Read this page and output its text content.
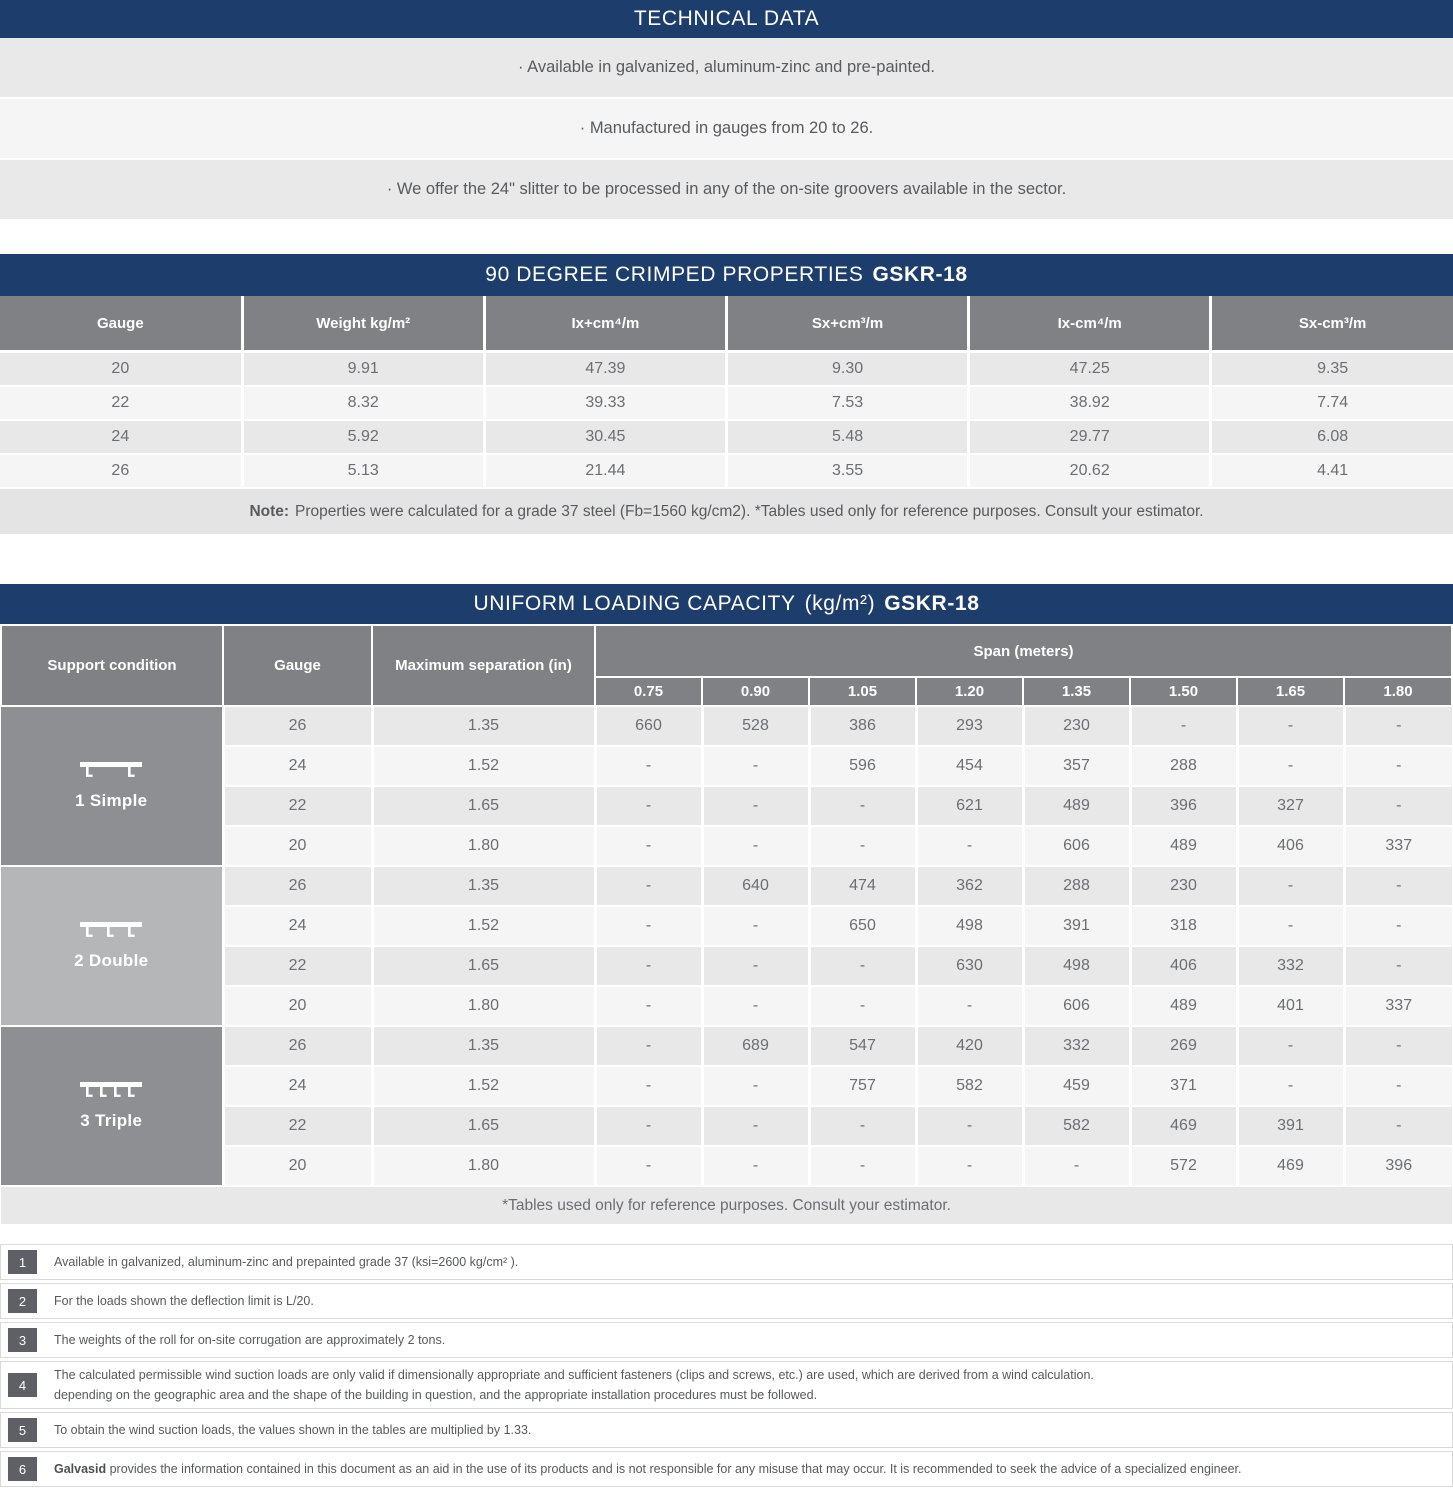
TECHNICAL DATA
· Available in galvanized, aluminum-zinc and pre-painted.
· Manufactured in gauges from 20 to 26.
· We offer the 24" slitter to be processed in any of the on-site groovers available in the sector.
90 DEGREE CRIMPED PROPERTIES GSKR-18
Gauge	Weight kg/m²	Ix+cm⁴/m	Sx+cm³/m	Ix-cm⁴/m	Sx-cm³/m
20	9.91	47.39	9.30	47.25	9.35
22	8.32	39.33	7.53	38.92	7.74
24	5.92	30.45	5.48	29.77	6.08
26	5.13	21.44	3.55	20.62	4.41
Note: Properties were calculated for a grade 37 steel (Fb=1560 kg/cm2). *Tables used only for reference purposes. Consult your estimator.
UNIFORM LOADING CAPACITY (kg/m²) GSKR-18
Support condition	Gauge	Maximum separation (in)	Span (meters)							
			0.75	0.90	1.05	1.20	1.35	1.50	1.65	1.80

1 Simple	26	1.35	660	528	386	293	230	-	-	-
	24	1.52	-	-	596	454	357	288	-	-
	22	1.65	-	-	-	621	489	396	327	-
	20	1.80	-	-	-	-	606	489	406	337

2 Double	26	1.35	-	640	474	362	288	230	-	-
	24	1.52	-	-	650	498	391	318	-	-
	22	1.65	-	-	-	630	498	406	332	-
	20	1.80	-	-	-	-	606	489	401	337

3 Triple	26	1.35	-	689	547	420	332	269	-	-
	24	1.52	-	-	757	582	459	371	-	-
	22	1.65	-	-	-	-	582	469	391	-
	20	1.80	-	-	-	-	-	572	469	396
*Tables used only for reference purposes. Consult your estimator.										
1	Available in galvanized, aluminum-zinc and prepainted grade 37 (ksi=2600 kg/cm² ).
2	For the loads shown the deflection limit is L/20.
3	The weights of the roll for on-site corrugation are approximately 2 tons.
4
The calculated permissible wind suction loads are only valid if dimensionally appropriate and sufficient fasteners (clips and screws, etc.) are used, which are derived from a wind calculation.
depending on the geographic area and the shape of the building in question, and the appropriate installation procedures must be followed.
5	To obtain the wind suction loads, the values shown in the tables are multiplied by 1.33.
6	Galvasid provides the information contained in this document as an aid in the use of its products and is not responsible for any misuse that may occur. It is recommended to seek the advice of a specialized engineer.
